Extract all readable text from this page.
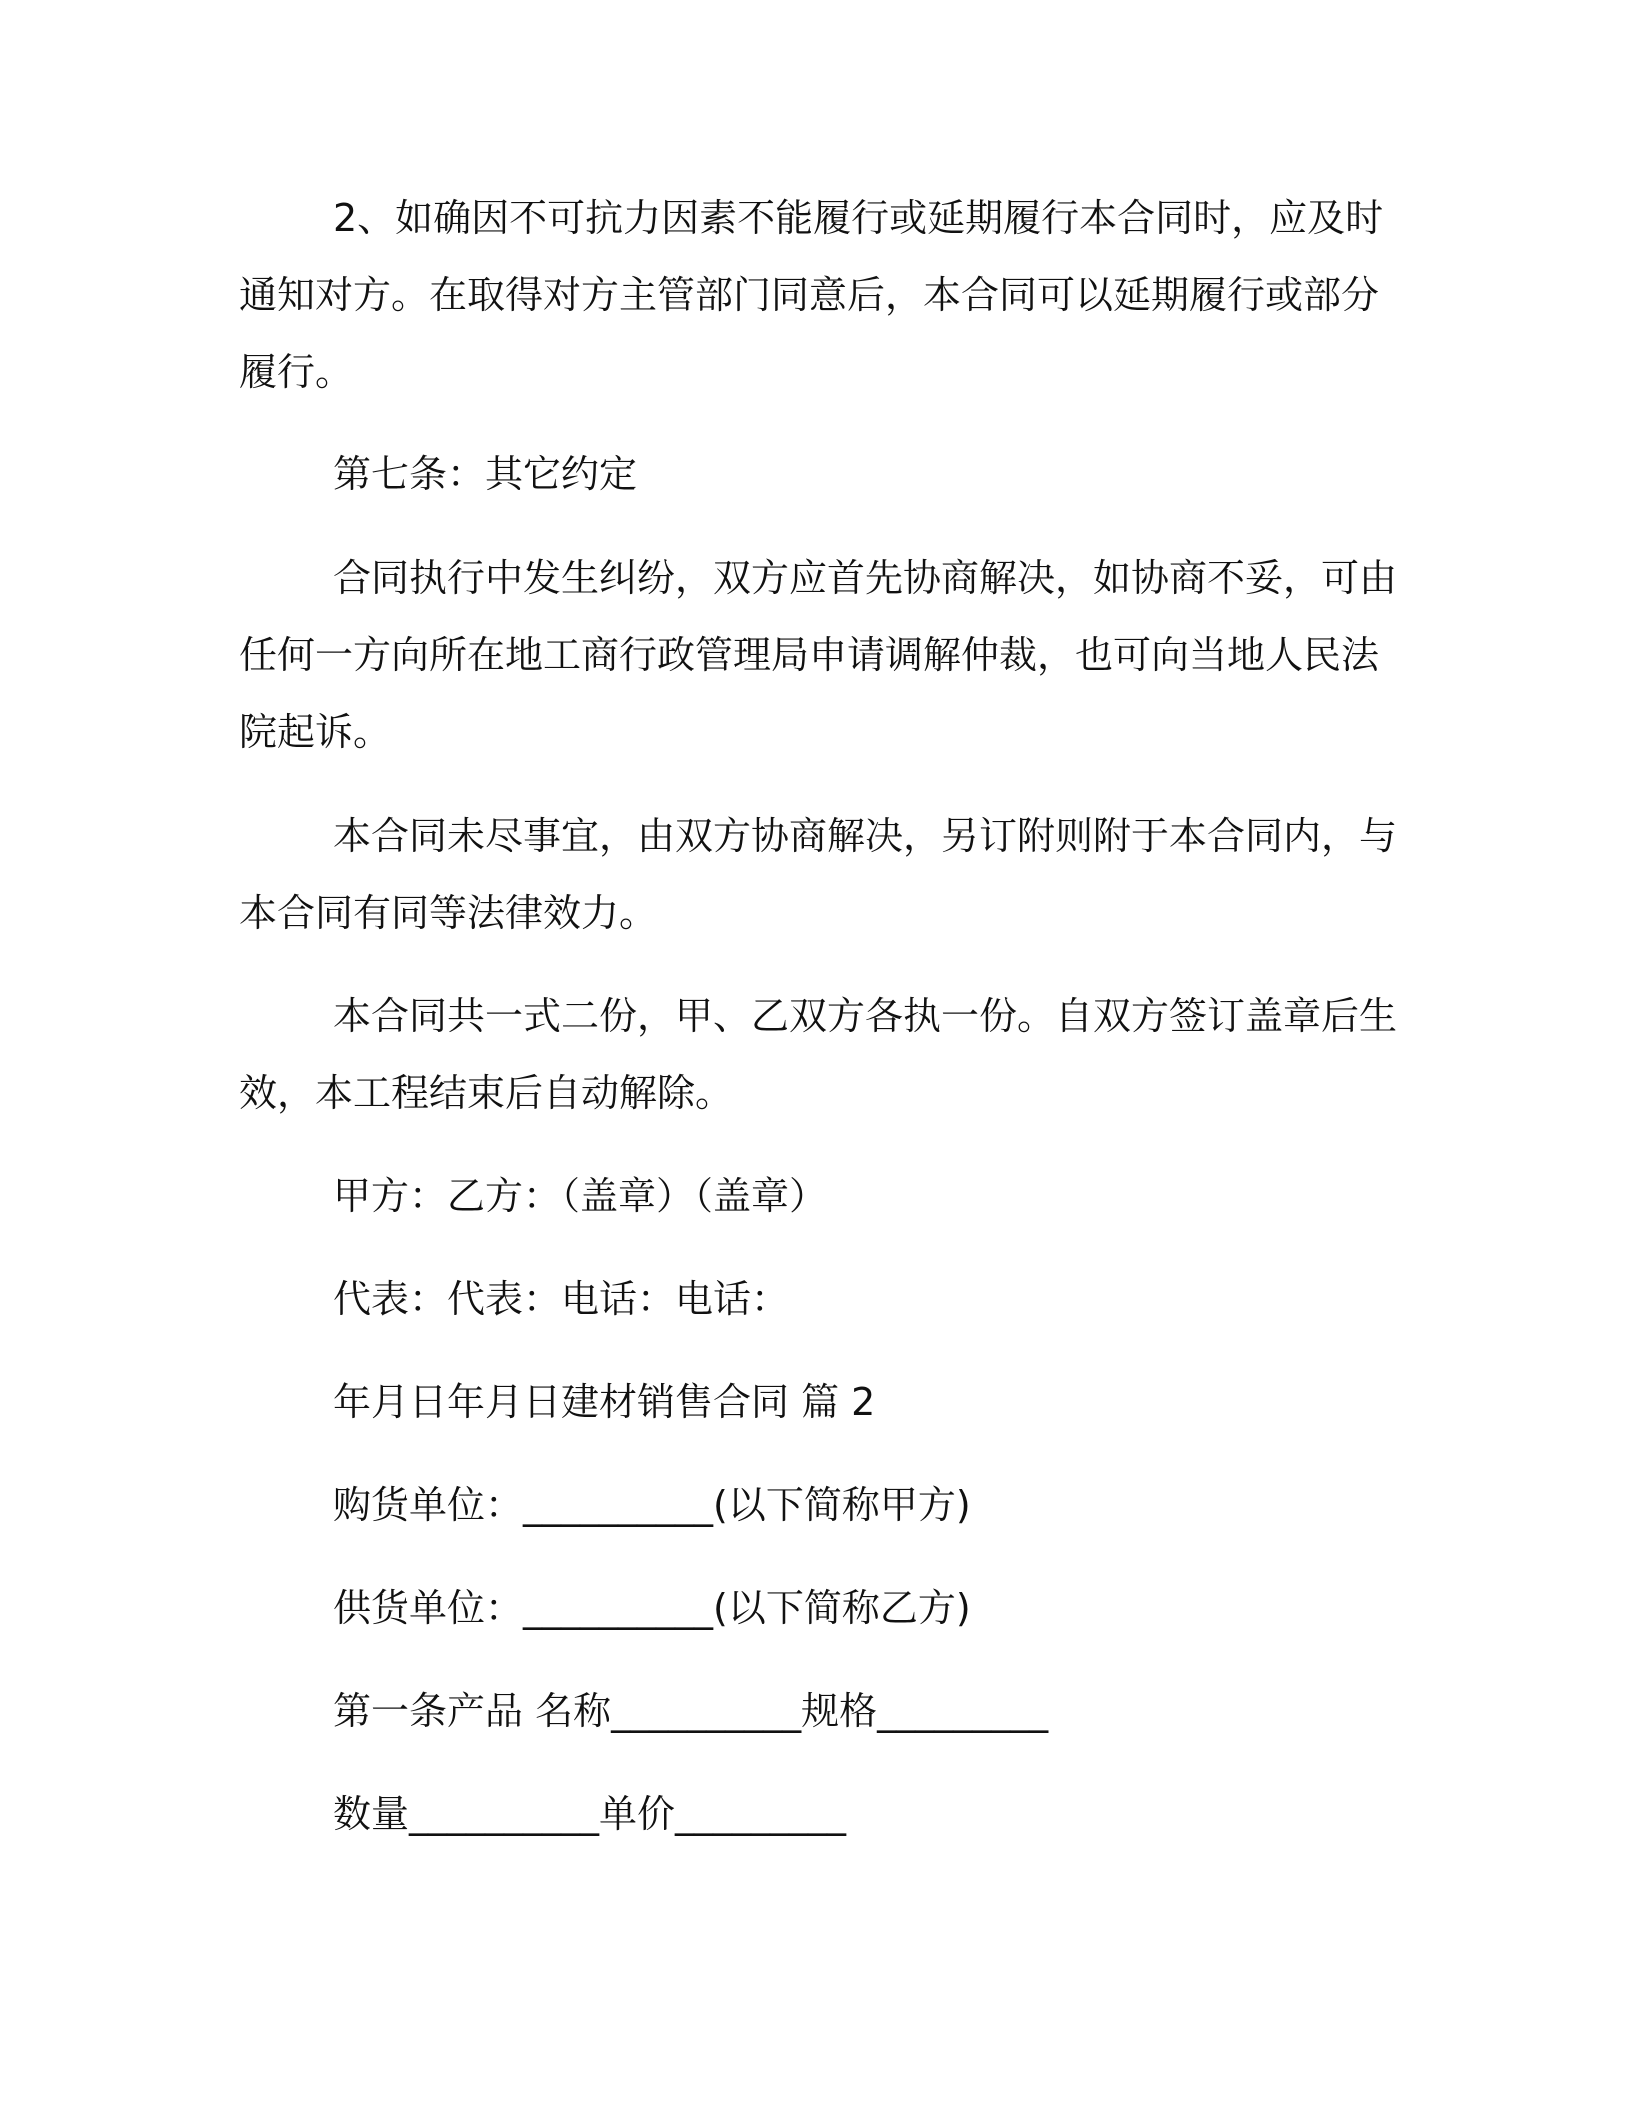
2、如确因不可抗力因素不能履行或延期履行本合同时，应及时
通知对方。在取得对方主管部门同意后，本合同可以延期履行或部分
履行。
第七条：其它约定
合同执行中发生纠纷，双方应首先协商解决，如协商不妥，可由
任何一方向所在地工商行政管理局申请调解仲裁，也可向当地人民法
院起诉。
本合同未尽事宜，由双方协商解决，另订附则附于本合同内，与
本合同有同等法律效力。
本合同共一式二份，甲、乙双方各执一份。自双方签订盖章后生
效，本工程结束后自动解除。
甲方：乙方：（盖章）（盖章）
代表：代表：电话：电话：
年月日年月日建材销售合同 篇 2
购货单位：__________(以下简称甲方)
供货单位：__________(以下简称乙方)
第一条产品 名称__________规格_________
数量__________单价_________
